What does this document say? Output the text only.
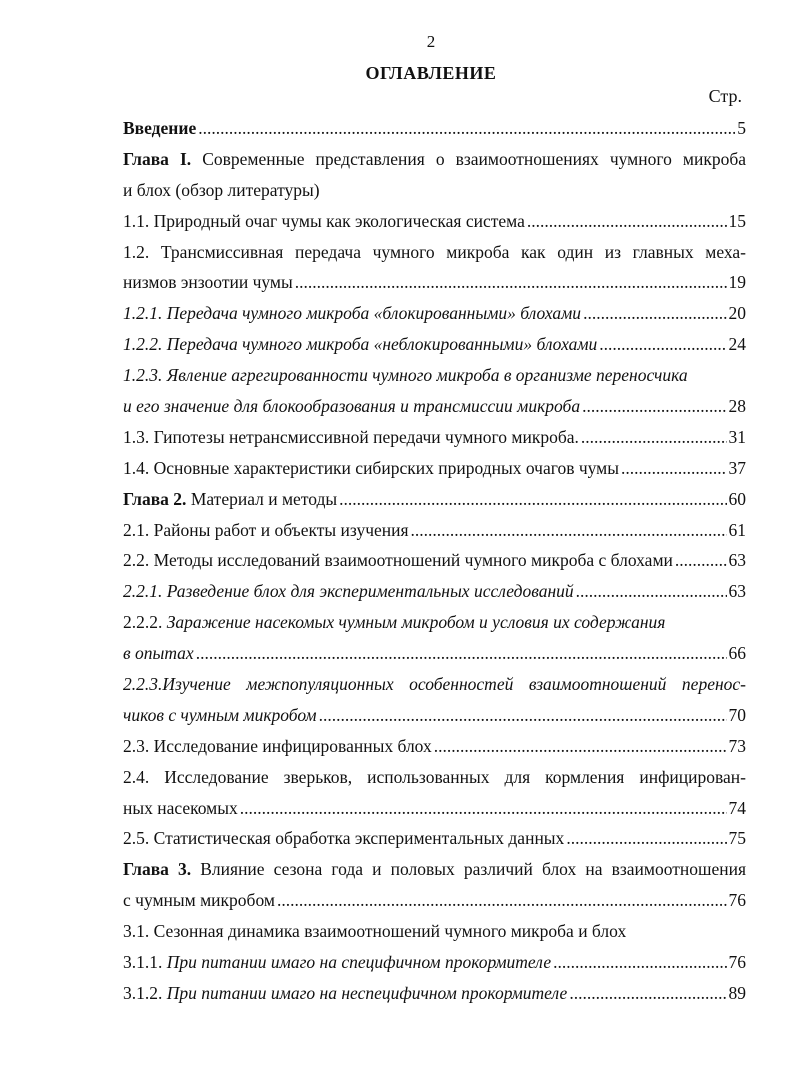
2
ОГЛАВЛЕНИЕ
Стр.
Введение .....	5
Глава I. Современные представления о взаимоотношениях чумного микроба
и блох (обзор литературы)
1.1. Природный очаг чумы как экологическая система .....	15
1.2. Трансмиссивная передача чумного микроба как один из главных меха-
низмов энзоотии чумы .....	19
1.2.1. Передача чумного микроба «блокированными» блохами .....	20
1.2.2. Передача чумного микроба «неблокированными» блохами .....	24
1.2.3. Явление агрегированности чумного микроба в организме переносчика
и его значение для блокообразования и трансмиссии микроба .....	28
1.3. Гипотезы нетрансмиссивной передачи чумного микроба. .....	31
1.4. Основные характеристики сибирских природных очагов чумы .....	37
Глава 2. Материал и методы .....	60
2.1. Районы работ и объекты изучения .....	61
2.2. Методы исследований взаимоотношений чумного микроба с блохами .....	63
2.2.1. Разведение блох для экспериментальных исследований .....	63
2.2.2. Заражение насекомых чумным микробом и условия их содержания
в опытах .....	66
2.2.3.Изучение межпопуляционных особенностей взаимоотношений перенос-
чиков с чумным микробом .....	70
2.3. Исследование инфицированных блох .....	73
2.4. Исследование зверьков, использованных для кормления инфицирован-
ных насекомых .....	74
2.5. Статистическая обработка экспериментальных данных .....	75
Глава 3. Влияние сезона года и половых различий блох на взаимоотношения
с чумным микробом .....	76
3.1. Сезонная динамика взаимоотношений чумного микроба и блох
3.1.1. При питании имаго на специфичном прокормителе .....	76
3.1.2. При питании имаго на неспецифичном прокормителе .....	89
